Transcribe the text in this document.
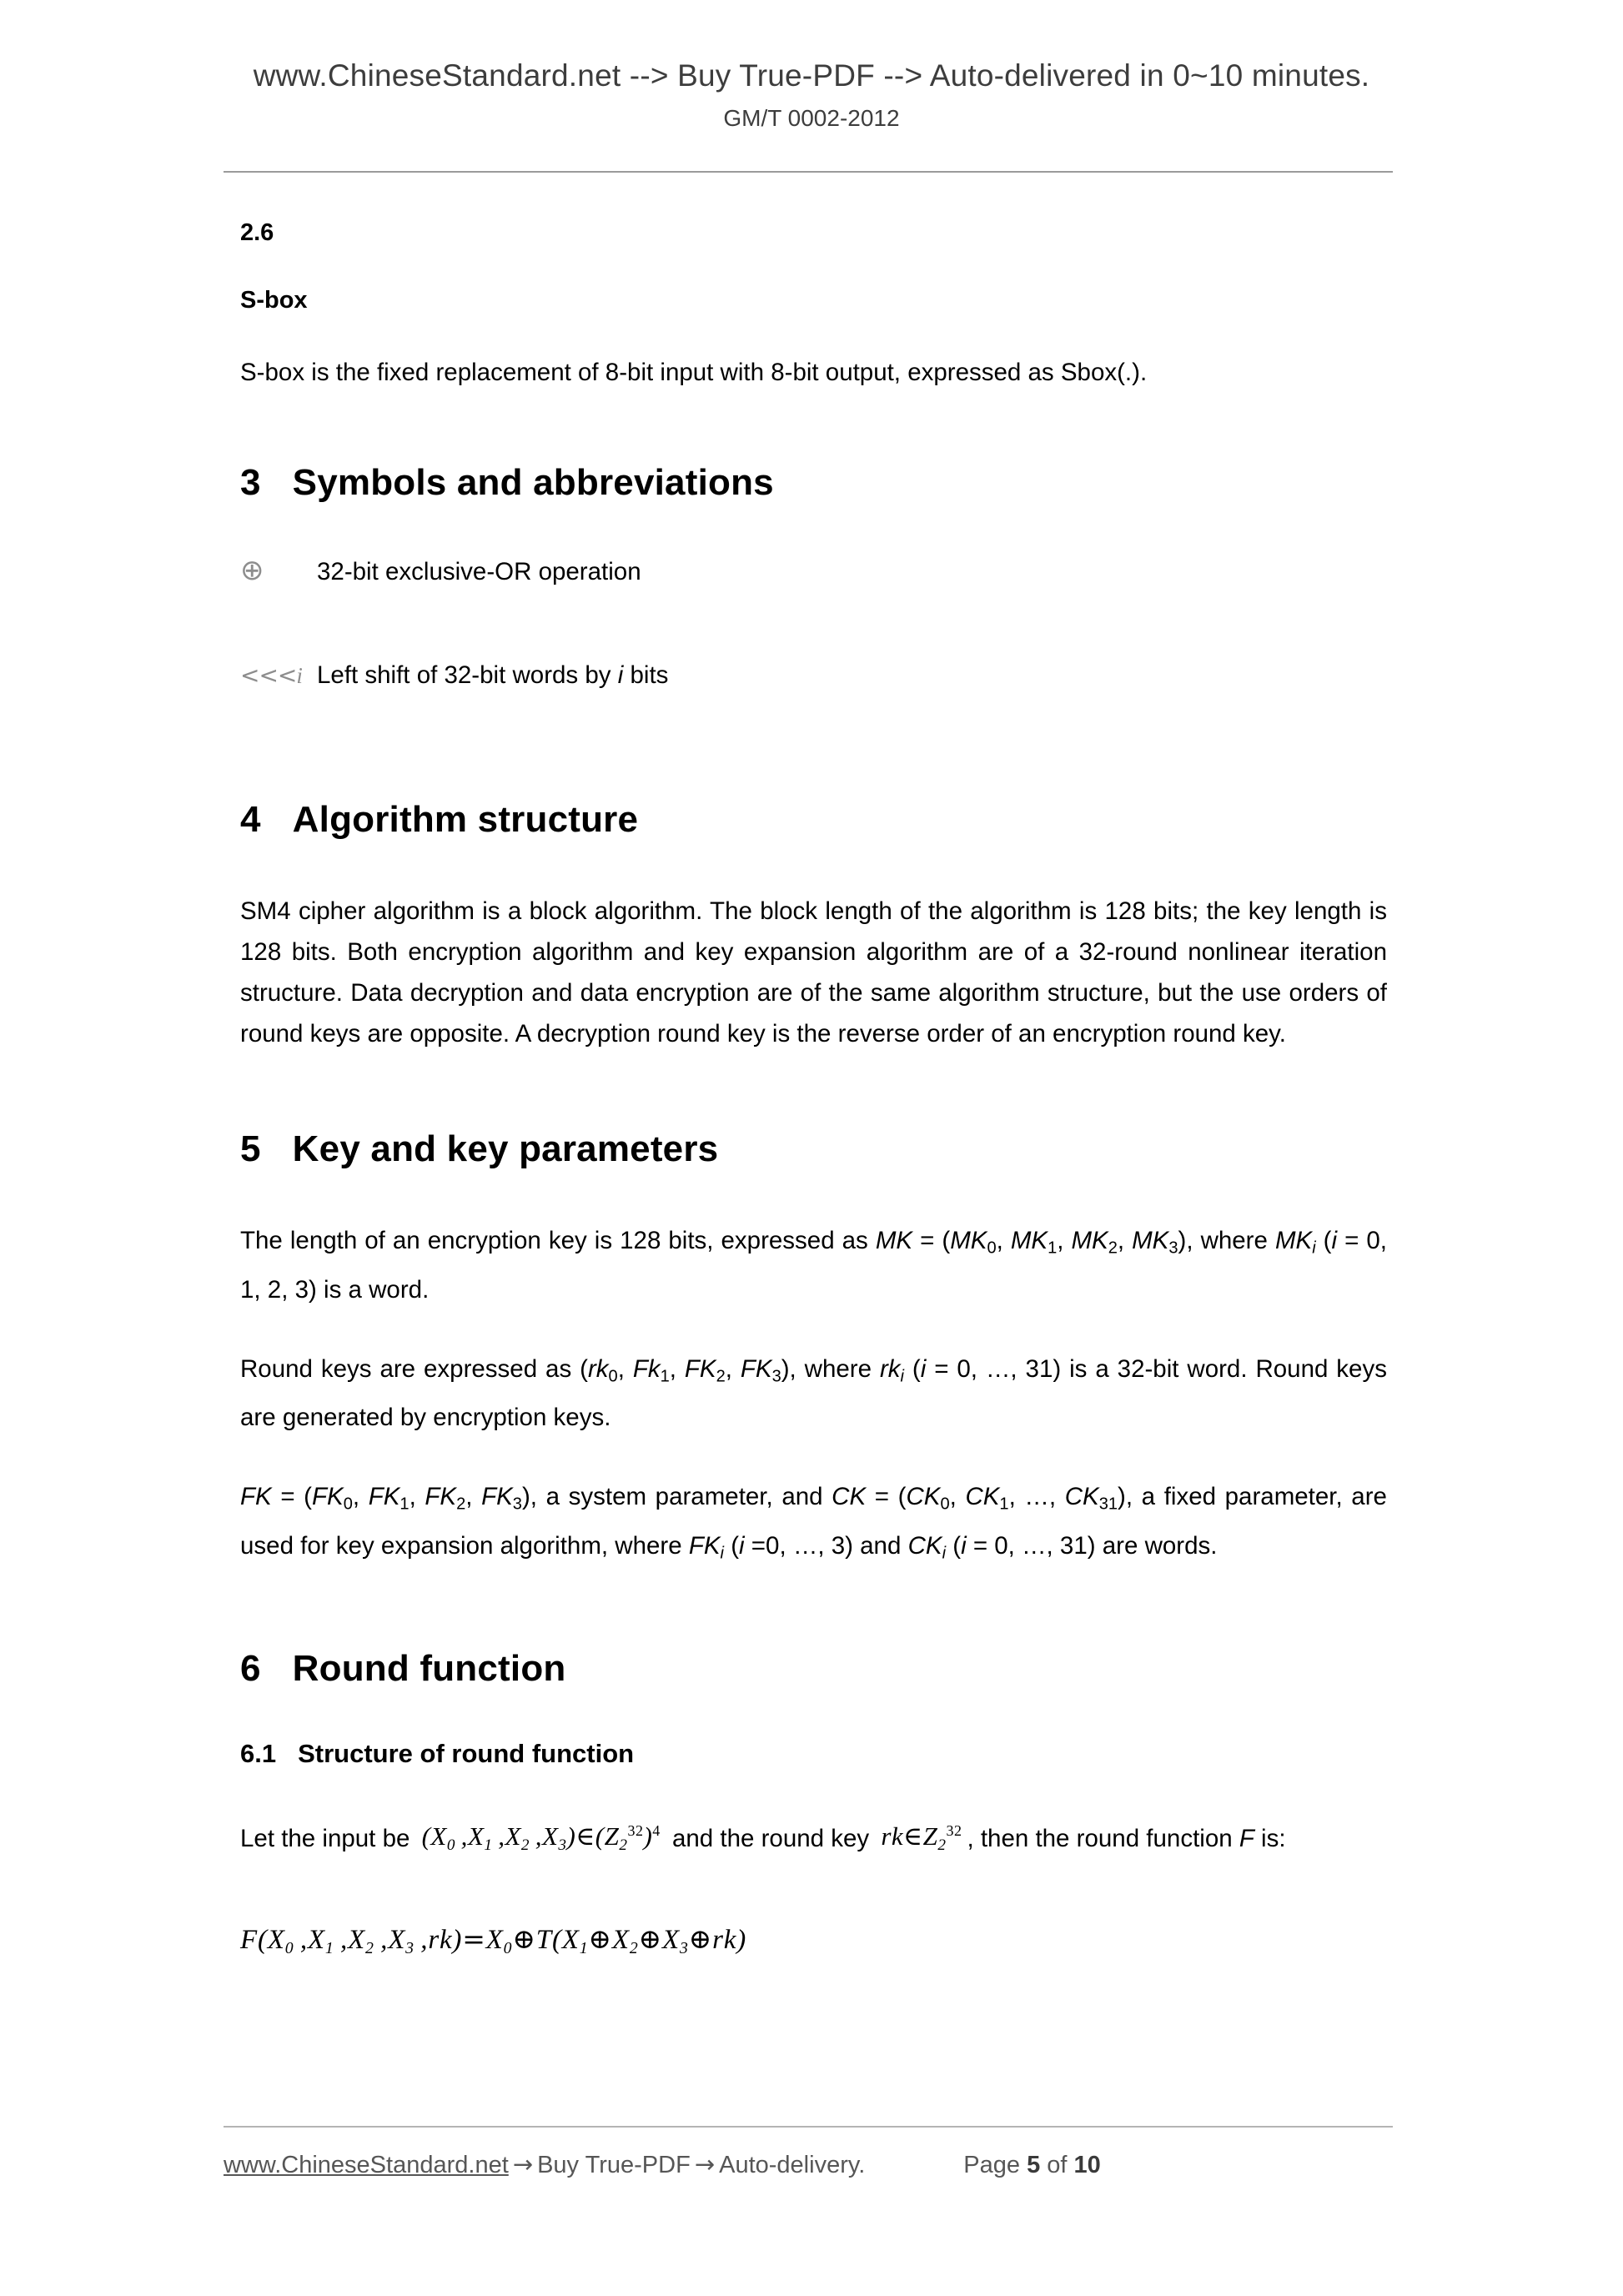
www.ChineseStandard.net --> Buy True-PDF --> Auto-delivered in 0~10 minutes.
GM/T 0002-2012
2.6
S-box
S-box is the fixed replacement of 8-bit input with 8-bit output, expressed as Sbox(.).
3 Symbols and abbreviations
⊕	32-bit exclusive-OR operation
<<<i Left shift of 32-bit words by i bits
4 Algorithm structure
SM4 cipher algorithm is a block algorithm. The block length of the algorithm is 128 bits; the key length is 128 bits. Both encryption algorithm and key expansion algorithm are of a 32-round nonlinear iteration structure. Data decryption and data encryption are of the same algorithm structure, but the use orders of round keys are opposite. A decryption round key is the reverse order of an encryption round key.
5 Key and key parameters
The length of an encryption key is 128 bits, expressed as MK = (MK0, MK1, MK2, MK3), where $MK_i$ (i = 0, 1, 2, 3) is a word.
Round keys are expressed as (rk0, Fk1, FK2, FK3), where $rk_i$ (i = 0, …, 31) is a 32-bit word. Round keys are generated by encryption keys.
FK = (FK0, FK1, FK2, FK3), a system parameter, and CK = (CK0, CK1, …, CK31), a fixed parameter, are used for key expansion algorithm, where $FK_i$ (i =0, …, 3) and $CK_i$ (i = 0, …, 31) are words.
6 Round function
6.1 Structure of round function
Let the input be ($X_0$ $,X_1$ $,X_2$ $,X_3)\in(Z_2^{32})^4$ and the round key $rk\in Z_2^{32}$ , then the round function F is:
$F(X_0$ $,X_1$ $,X_2$ $,X_3$ $,rk)=X_0\oplus T(X_1\oplus X_2\oplus X_3\oplus rk)$
www.ChineseStandard.net → Buy True-PDF → Auto-delivery.	Page 5 of 10
